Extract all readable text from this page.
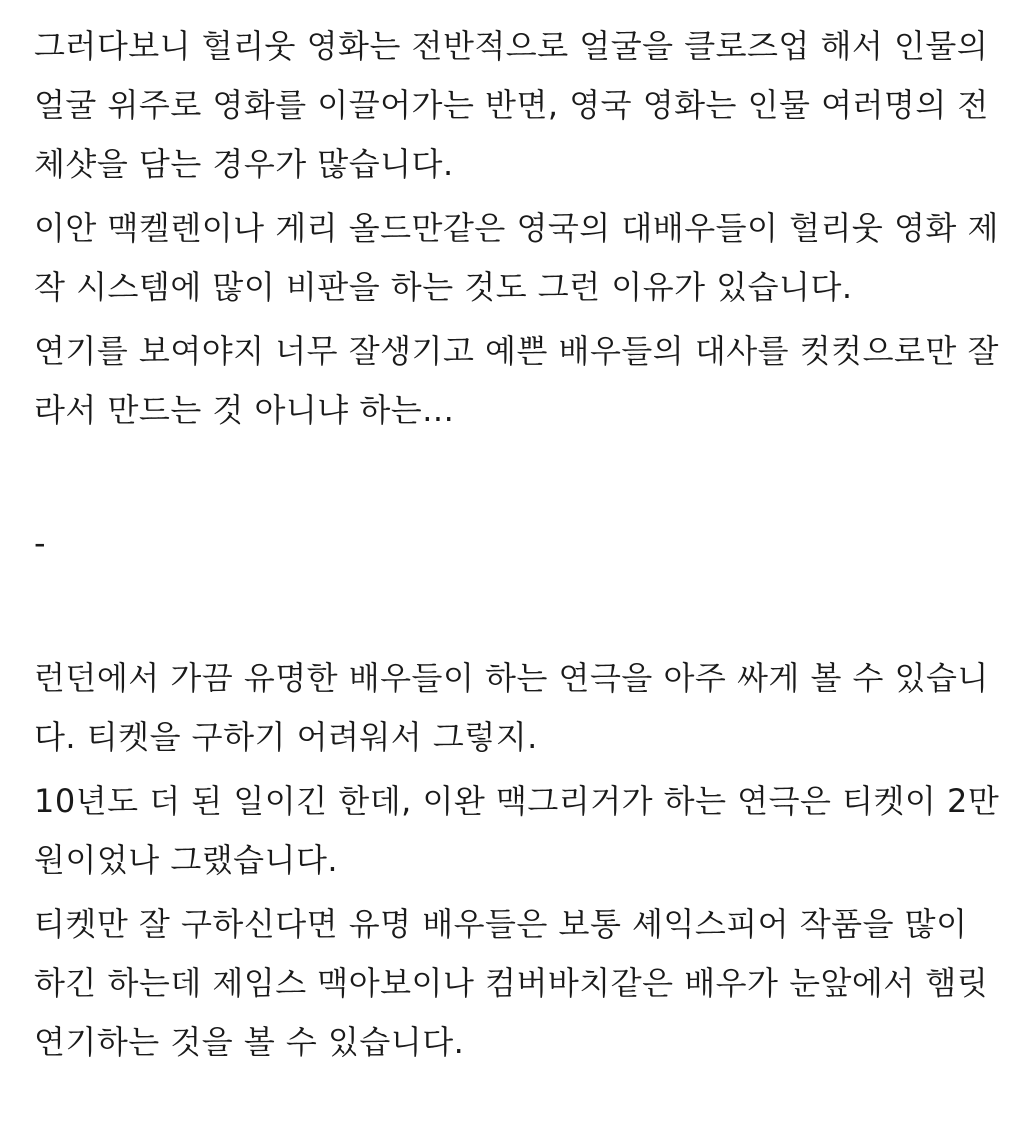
그러다보니 헐리웃 영화는 전반적으로 얼굴을 클로즈업 해서 인물의

얼굴 위주로 영화를 이끌어가는 반면, 영국 영화는 인물 여러명의 전

체샷을 담는 경우가 많습니다.

이안 맥켈렌이나 게리 올드만같은 영국의 대배우들이 헐리웃 영화 제

작 시스템에 많이 비판을 하는 것도 그런 이유가 있습니다.

연기를 보여야지 너무 잘생기고 예쁜 배우들의 대사를 컷컷으로만 잘

라서 만드는 것 아니냐 하는...

-

런던에서 가끔 유명한 배우들이 하는 연극을 아주 싸게 볼 수 있습니

다. 티켓을 구하기 어려워서 그렇지.

10년도 더 된 일이긴 한데, 이완 맥그리거가 하는 연극은 티켓이 2만

원이었나 그랬습니다.

티켓만 잘 구하신다면 유명 배우들은 보통 셰익스피어 작품을 많이

하긴 하는데 제임스 맥아보이나 컴버바치같은 배우가 눈앞에서 햄릿

연기하는 것을 볼 수 있습니다.
